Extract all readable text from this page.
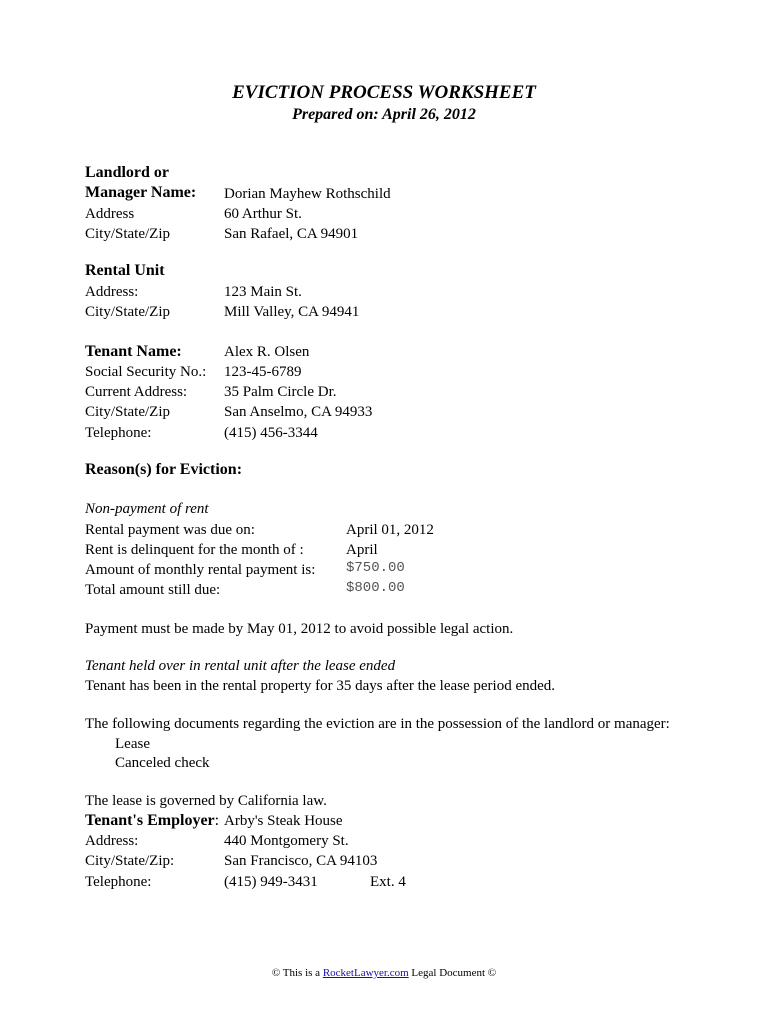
EVICTION PROCESS WORKSHEET
Prepared on: April 26, 2012
Landlord or
Manager Name: Dorian Mayhew Rothschild
Address	60 Arthur St.
City/State/Zip	San Rafael, CA 94901
Rental Unit
Address:	123 Main St.
City/State/Zip	Mill Valley, CA 94941
Tenant Name:	Alex R. Olsen
Social Security No.: 123-45-6789
Current Address: 35 Palm Circle Dr.
City/State/Zip	San Anselmo, CA 94933
Telephone:	(415) 456-3344
Reason(s) for Eviction:
Non-payment of rent
Rental payment was due on:	April 01, 2012
Rent is delinquent for the month of :	April
Amount of monthly rental payment is: $750.00
Total amount still due:	$800.00
Payment must be made by May 01, 2012 to avoid possible legal action.
Tenant held over in rental unit after the lease ended
Tenant has been in the rental property for 35 days after the lease period ended.
The following documents regarding the eviction are in the possession of the landlord or manager:
Lease
Canceled check
The lease is governed by California law.
Tenant's Employer: Arby's Steak House
Address:	440 Montgomery St.
City/State/Zip:	San Francisco, CA 94103
Telephone:	(415) 949-3431	Ext. 4
© This is a RocketLawyer.com Legal Document ©
